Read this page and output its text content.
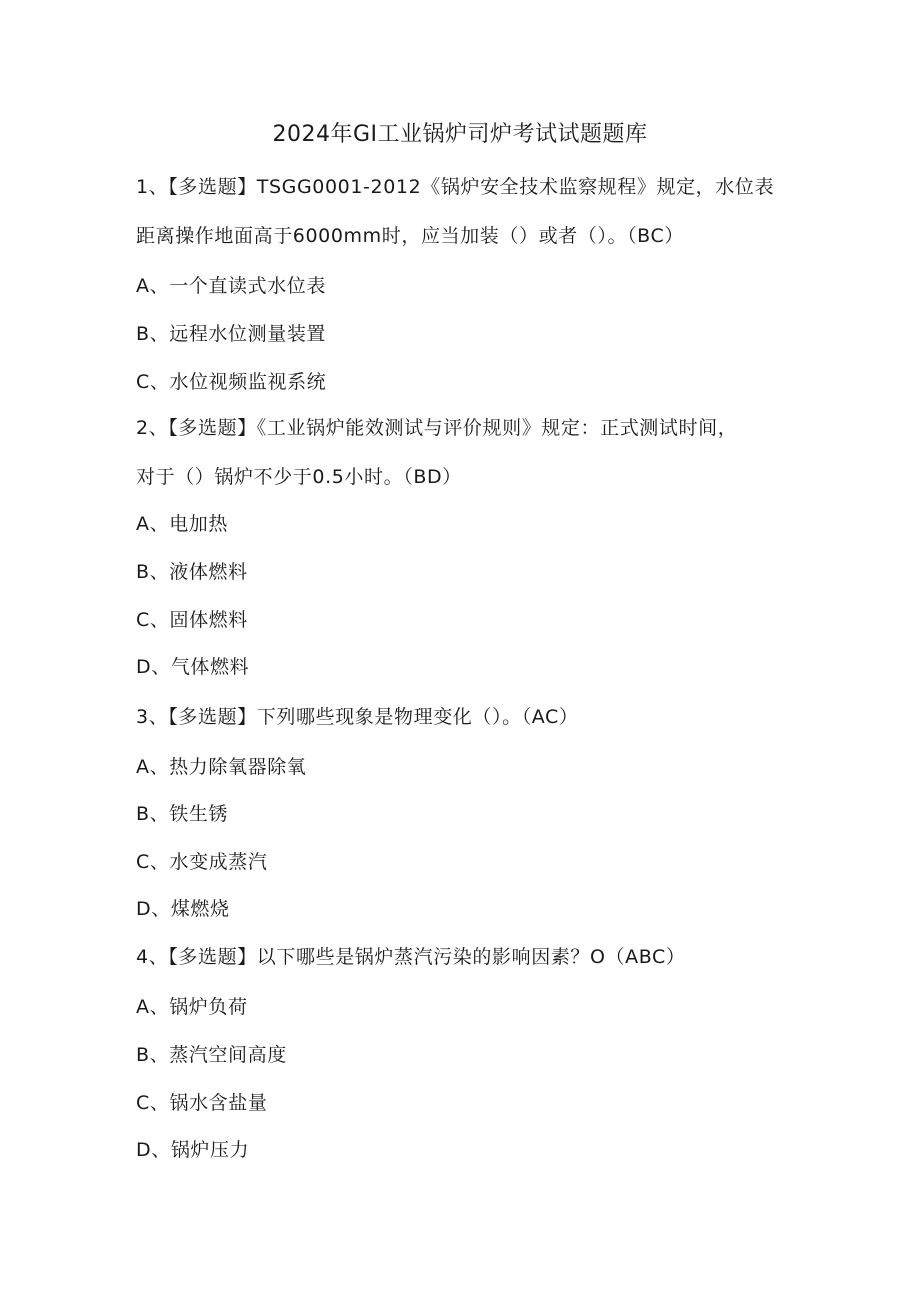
2024年GI工业锅炉司炉考试试题题库
1、【多选题】TSGG0001-2012《锅炉安全技术监察规程》规定，水位表
距离操作地面高于6000mm时，应当加装（）或者（）。（BC）
A、一个直读式水位表
B、远程水位测量装置
C、水位视频监视系统
2、【多选题】《工业锅炉能效测试与评价规则》规定：正式测试时间，
对于（）锅炉不少于0.5小时。（BD）
A、电加热
B、液体燃料
C、固体燃料
D、气体燃料
3、【多选题】下列哪些现象是物理变化（）。（AC）
A、热力除氧器除氧
B、铁生锈
C、水变成蒸汽
D、煤燃烧
4、【多选题】以下哪些是锅炉蒸汽污染的影响因素？O（ABC）
A、锅炉负荷
B、蒸汽空间高度
C、锅水含盐量
D、锅炉压力
